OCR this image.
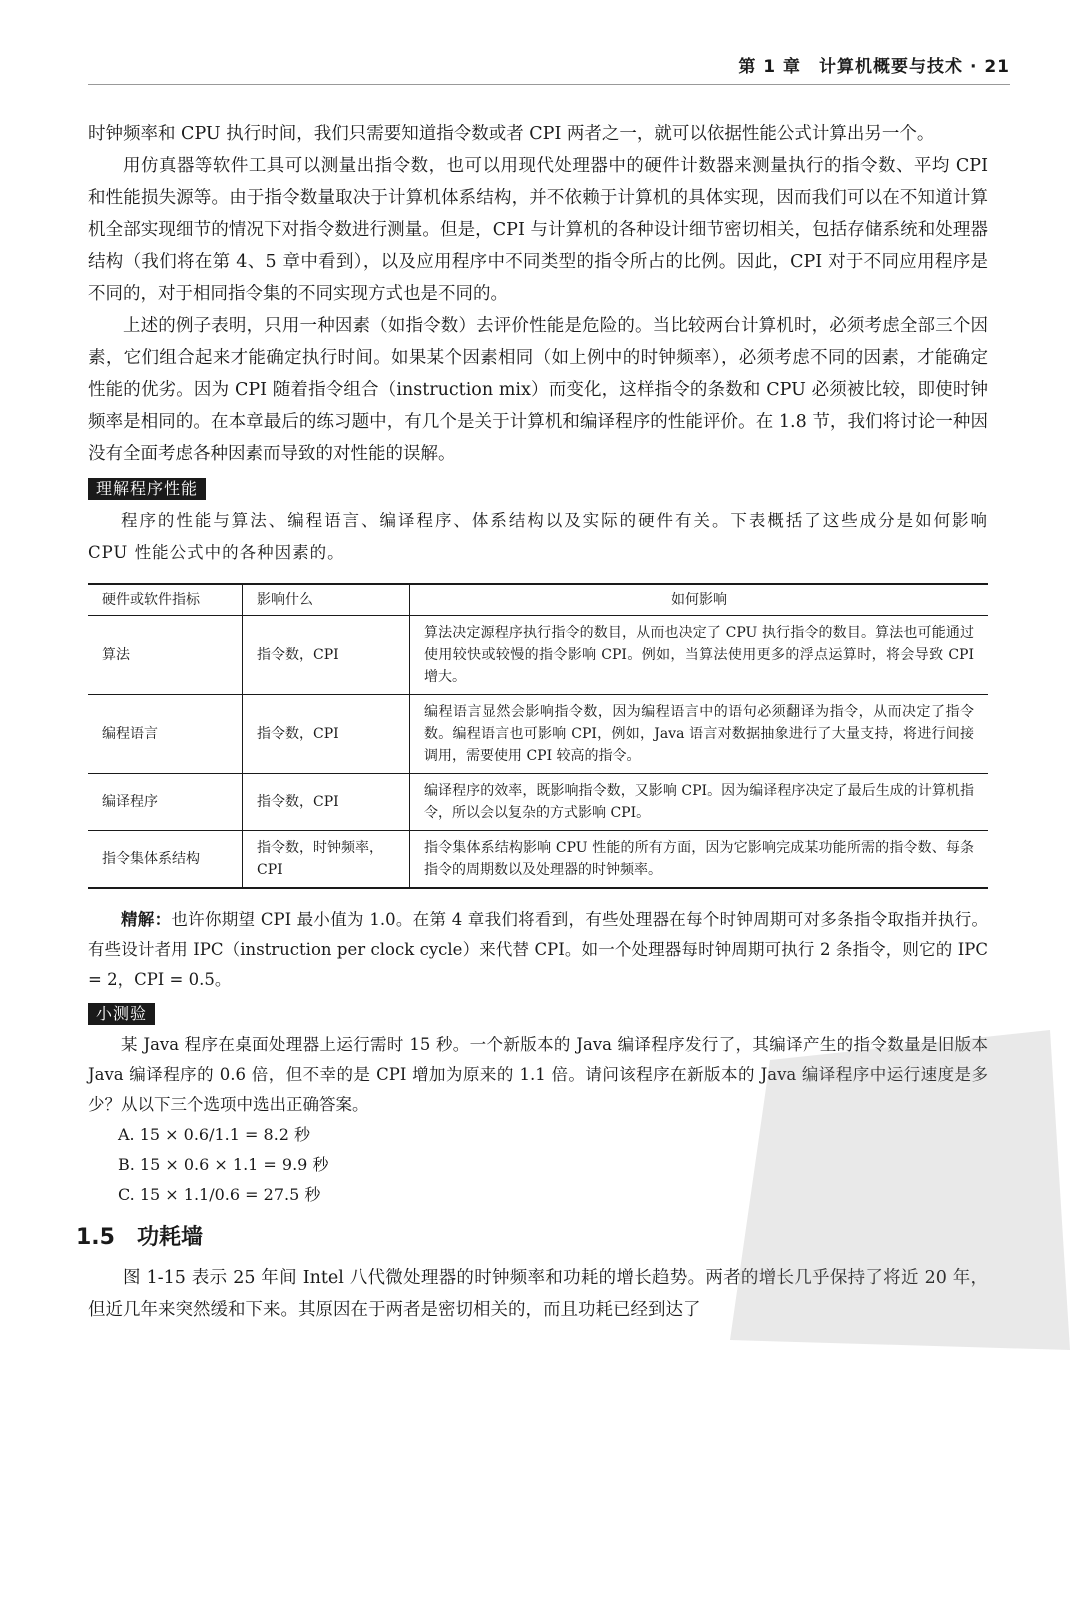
第 1 章　计算机概要与技术 · 21

时钟频率和 CPU 执行时间，我们只需要知道指令数或者 CPI 两者之一，就可以依据性能公式计算出另一个。

用仿真器等软件工具可以测量出指令数，也可以用现代处理器中的硬件计数器来测量执行的指令数、平均 CPI 和性能损失源等。由于指令数量取决于计算机体系结构，并不依赖于计算机的具体实现，因而我们可以在不知道计算机全部实现细节的情况下对指令数进行测量。但是，CPI 与计算机的各种设计细节密切相关，包括存储系统和处理器结构（我们将在第 4、5 章中看到），以及应用程序中不同类型的指令所占的比例。因此，CPI 对于不同应用程序是不同的，对于相同指令集的不同实现方式也是不同的。

上述的例子表明，只用一种因素（如指令数）去评价性能是危险的。当比较两台计算机时，必须考虑全部三个因素，它们组合起来才能确定执行时间。如果某个因素相同（如上例中的时钟频率），必须考虑不同的因素，才能确定性能的优劣。因为 CPI 随着指令组合（instruction mix）而变化，这样指令的条数和 CPU 必须被比较，即使时钟频率是相同的。在本章最后的练习题中，有几个是关于计算机和编译程序的性能评价。在 1.8 节，我们将讨论一种因没有全面考虑各种因素而导致的对性能的误解。

理解程序性能

程序的性能与算法、编程语言、编译程序、体系结构以及实际的硬件有关。下表概括了这些成分是如何影响 CPU 性能公式中的各种因素的。

硬件或软件指标	影响什么	如何影响
算法	指令数，CPI	算法决定源程序执行指令的数目，从而也决定了 CPU 执行指令的数目。算法也可能通过使用较快或较慢的指令影响 CPI。例如，当算法使用更多的浮点运算时，将会导致 CPI 增大。
编程语言	指令数，CPI	编程语言显然会影响指令数，因为编程语言中的语句必须翻译为指令，从而决定了指令数。编程语言也可影响 CPI，例如，Java 语言对数据抽象进行了大量支持，将进行间接调用，需要使用 CPI 较高的指令。
编译程序	指令数，CPI	编译程序的效率，既影响指令数，又影响 CPI。因为编译程序决定了最后生成的计算机指令，所以会以复杂的方式影响 CPI。
指令集体系结构	指令数，时钟频率，CPI	指令集体系结构影响 CPU 性能的所有方面，因为它影响完成某功能所需的指令数、每条指令的周期数以及处理器的时钟频率。

精解：也许你期望 CPI 最小值为 1.0。在第 4 章我们将看到，有些处理器在每个时钟周期可对多条指令取指并执行。有些设计者用 IPC（instruction per clock cycle）来代替 CPI。如一个处理器每时钟周期可执行 2 条指令，则它的 IPC = 2，CPI = 0.5。

小测验

某 Java 程序在桌面处理器上运行需时 15 秒。一个新版本的 Java 编译程序发行了，其编译产生的指令数量是旧版本 Java 编译程序的 0.6 倍，但不幸的是 CPI 增加为原来的 1.1 倍。请问该程序在新版本的 Java 编译程序中运行速度是多少？从以下三个选项中选出正确答案。

A. 15 × 0.6/1.1 = 8.2 秒
B. 15 × 0.6 × 1.1 = 9.9 秒
C. 15 × 1.1/0.6 = 27.5 秒
1.5 功耗墙

图 1-15 表示 25 年间 Intel 八代微处理器的时钟频率和功耗的增长趋势。两者的增长几乎保持了将近 20 年，但近几年来突然缓和下来。其原因在于两者是密切相关的，而且功耗已经到达了
